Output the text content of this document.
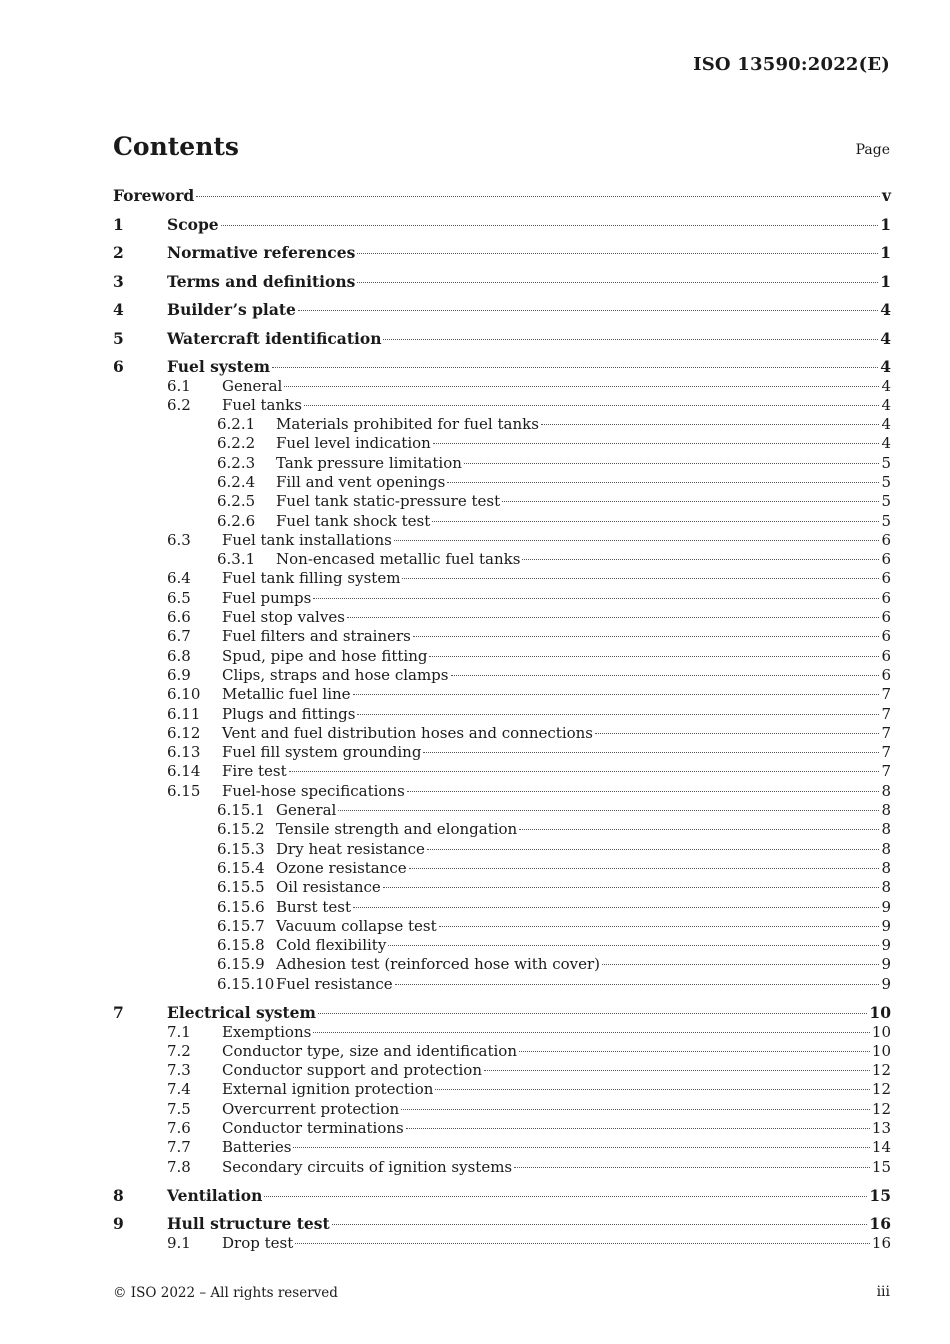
ISO 13590:2022(E)
Contents	Page
Foreword	v
1	Scope	1
2	Normative references	1
3	Terms and definitions	1
4	Builder’s plate	4
5	Watercraft identification	4
6	Fuel system	4
6.1 General	4
6.2 Fuel tanks	4
6.2.1 Materials prohibited for fuel tanks	4
6.2.2 Fuel level indication	4
6.2.3 Tank pressure limitation	5
6.2.4 Fill and vent openings	5
6.2.5 Fuel tank static-pressure test	5
6.2.6 Fuel tank shock test	5
6.3 Fuel tank installations	6
6.3.1 Non-encased metallic fuel tanks	6
6.4 Fuel tank filling system	6
6.5 Fuel pumps	6
6.6 Fuel stop valves	6
6.7 Fuel filters and strainers	6
6.8 Spud, pipe and hose fitting	6
6.9 Clips, straps and hose clamps	6
6.10 Metallic fuel line	7
6.11 Plugs and fittings	7
6.12 Vent and fuel distribution hoses and connections	7
6.13 Fuel fill system grounding	7
6.14 Fire test	7
6.15 Fuel-hose specifications	8
6.15.1 General	8
6.15.2 Tensile strength and elongation	8
6.15.3 Dry heat resistance	8
6.15.4 Ozone resistance	8
6.15.5 Oil resistance	8
6.15.6 Burst test	9
6.15.7 Vacuum collapse test	9
6.15.8 Cold flexibility	9
6.15.9 Adhesion test (reinforced hose with cover)	9
6.15.10 Fuel resistance	9
7	Electrical system	10
7.1 Exemptions	10
7.2 Conductor type, size and identification	10
7.3 Conductor support and protection	12
7.4 External ignition protection	12
7.5 Overcurrent protection	12
7.6 Conductor terminations	13
7.7 Batteries	14
7.8 Secondary circuits of ignition systems	15
8	Ventilation	15
9	Hull structure test	16
9.1 Drop test	16
© ISO 2022 – All rights reserved	iii
